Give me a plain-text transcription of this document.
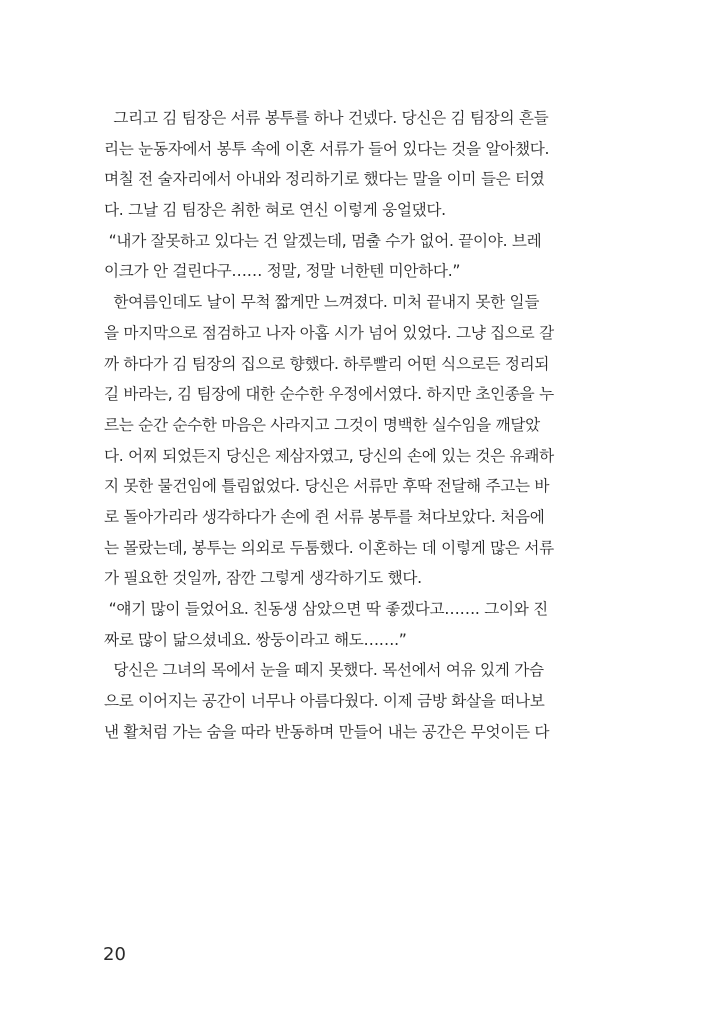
그리고 김 팀장은 서류 봉투를 하나 건넸다. 당신은 김 팀장의 흔들
리는 눈동자에서 봉투 속에 이혼 서류가 들어 있다는 것을 알아챘다.
며칠 전 술자리에서 아내와 정리하기로 했다는 말을 이미 들은 터였
다. 그날 김 팀장은 취한 혀로 연신 이렇게 웅얼댔다.
“내가 잘못하고 있다는 건 알겠는데, 멈출 수가 없어. 끝이야. 브레
이크가 안 걸린다구…… 정말, 정말 너한텐 미안하다.”
한여름인데도 날이 무척 짧게만 느껴졌다. 미처 끝내지 못한 일들
을 마지막으로 점검하고 나자 아홉 시가 넘어 있었다. 그냥 집으로 갈
까 하다가 김 팀장의 집으로 향했다. 하루빨리 어떤 식으로든 정리되
길 바라는, 김 팀장에 대한 순수한 우정에서였다. 하지만 초인종을 누
르는 순간 순수한 마음은 사라지고 그것이 명백한 실수임을 깨달았
다. 어찌 되었든지 당신은 제삼자였고, 당신의 손에 있는 것은 유쾌하
지 못한 물건임에 틀림없었다. 당신은 서류만 후딱 전달해 주고는 바
로 돌아가리라 생각하다가 손에 쥔 서류 봉투를 쳐다보았다. 처음에
는 몰랐는데, 봉투는 의외로 두툼했다. 이혼하는 데 이렇게 많은 서류
가 필요한 것일까, 잠깐 그렇게 생각하기도 했다.
“얘기 많이 들었어요. 친동생 삼았으면 딱 좋겠다고……. 그이와 진
짜로 많이 닮으셨네요. 쌍둥이라고 해도…….”
당신은 그녀의 목에서 눈을 떼지 못했다. 목선에서 여유 있게 가슴
으로 이어지는 공간이 너무나 아름다웠다. 이제 금방 화살을 떠나보
낸 활처럼 가는 숨을 따라 반동하며 만들어 내는 공간은 무엇이든 다
20
